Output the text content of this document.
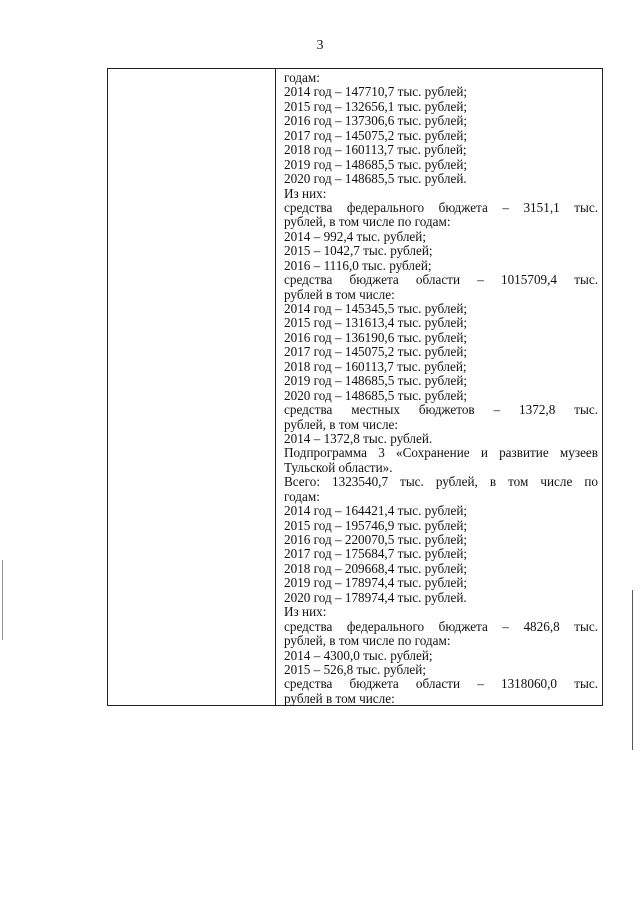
3
годам:
2014 год – 147710,7 тыс. рублей;
2015 год – 132656,1 тыс. рублей;
2016 год – 137306,6 тыс. рублей;
2017 год – 145075,2 тыс. рублей;
2018 год – 160113,7 тыс. рублей;
2019 год – 148685,5 тыс. рублей;
2020 год – 148685,5 тыс. рублей.
Из них:
средства федерального бюджета – 3151,1 тыс.
рублей, в том числе по годам:
2014 – 992,4 тыс. рублей;
2015 – 1042,7 тыс. рублей;
2016 – 1116,0 тыс. рублей;
средства бюджета области – 1015709,4 тыс.
рублей в том числе:
2014 год – 145345,5 тыс. рублей;
2015 год – 131613,4 тыс. рублей;
2016 год – 136190,6 тыс. рублей;
2017 год – 145075,2 тыс. рублей;
2018 год – 160113,7 тыс. рублей;
2019 год – 148685,5 тыс. рублей;
2020 год – 148685,5 тыс. рублей;
средства местных бюджетов – 1372,8 тыс.
рублей, в том числе:
2014 – 1372,8 тыс. рублей.
Подпрограмма 3 «Сохранение и развитие музеев
Тульской области».
Всего: 1323540,7 тыс. рублей, в том числе по
годам:
2014 год – 164421,4 тыс. рублей;
2015 год – 195746,9 тыс. рублей;
2016 год – 220070,5 тыс. рублей;
2017 год – 175684,7 тыс. рублей;
2018 год – 209668,4 тыс. рублей;
2019 год – 178974,4 тыс. рублей;
2020 год – 178974,4 тыс. рублей.
Из них:
средства федерального бюджета – 4826,8 тыс.
рублей, в том числе по годам:
2014 – 4300,0 тыс. рублей;
2015 – 526,8 тыс. рублей;
средства бюджета области – 1318060,0 тыс.
рублей в том числе:
